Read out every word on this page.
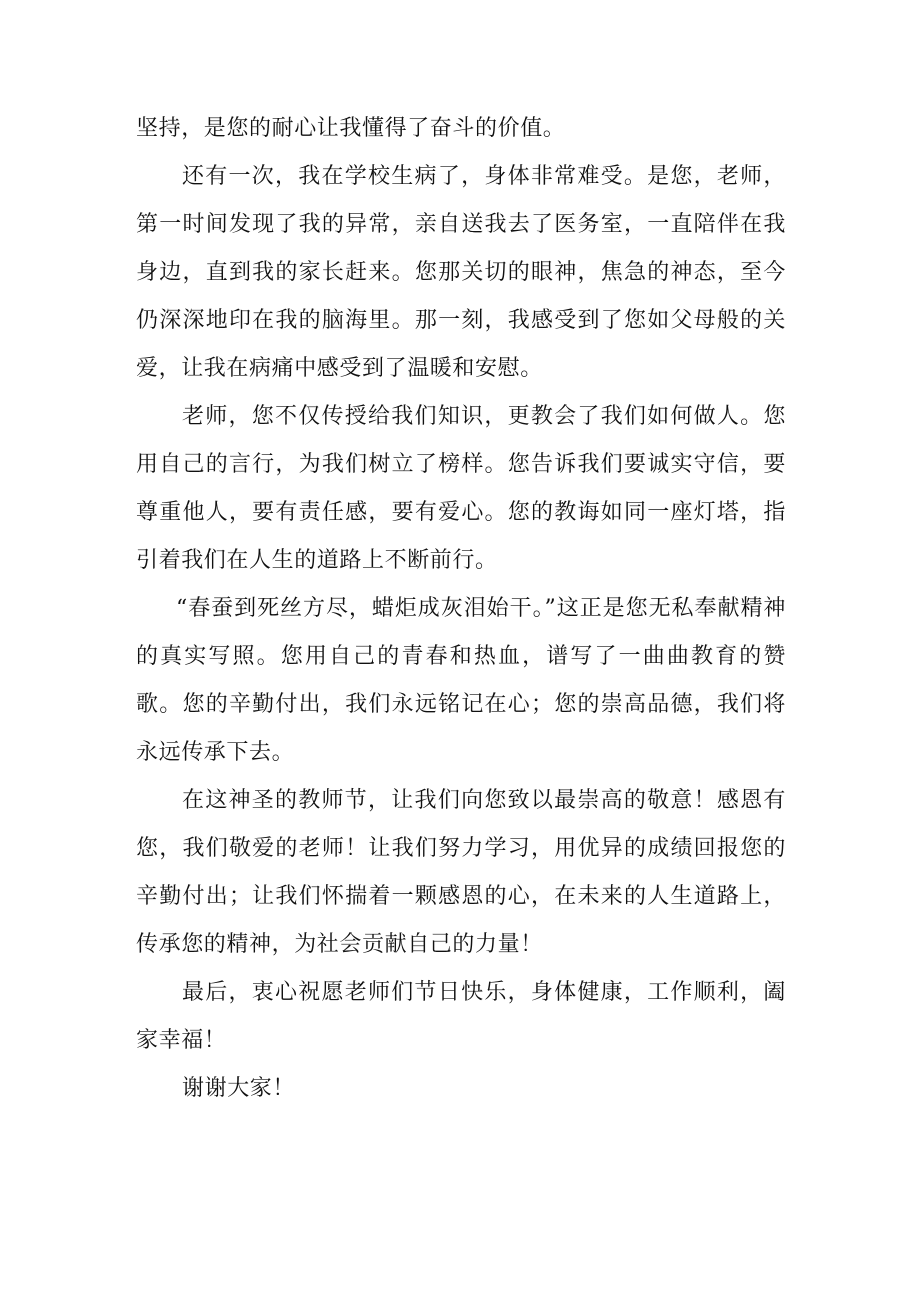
坚持，是您的耐心让我懂得了奋斗的价值。

还有一次，我在学校生病了，身体非常难受。是您，老师，第一时间发现了我的异常，亲自送我去了医务室，一直陪伴在我身边，直到我的家长赶来。您那关切的眼神，焦急的神态，至今仍深深地印在我的脑海里。那一刻，我感受到了您如父母般的关爱，让我在病痛中感受到了温暖和安慰。

老师，您不仅传授给我们知识，更教会了我们如何做人。您用自己的言行，为我们树立了榜样。您告诉我们要诚实守信，要尊重他人，要有责任感，要有爱心。您的教诲如同一座灯塔，指引着我们在人生的道路上不断前行。

“春蚕到死丝方尽，蜡炬成灰泪始干。”这正是您无私奉献精神的真实写照。您用自己的青春和热血，谱写了一曲曲教育的赞歌。您的辛勤付出，我们永远铭记在心；您的崇高品德，我们将永远传承下去。

在这神圣的教师节，让我们向您致以最崇高的敬意！感恩有您，我们敬爱的老师！让我们努力学习，用优异的成绩回报您的辛勤付出；让我们怀揣着一颗感恩的心，在未来的人生道路上，传承您的精神，为社会贡献自己的力量！

最后，衷心祝愿老师们节日快乐，身体健康，工作顺利，阖家幸福！

谢谢大家！
